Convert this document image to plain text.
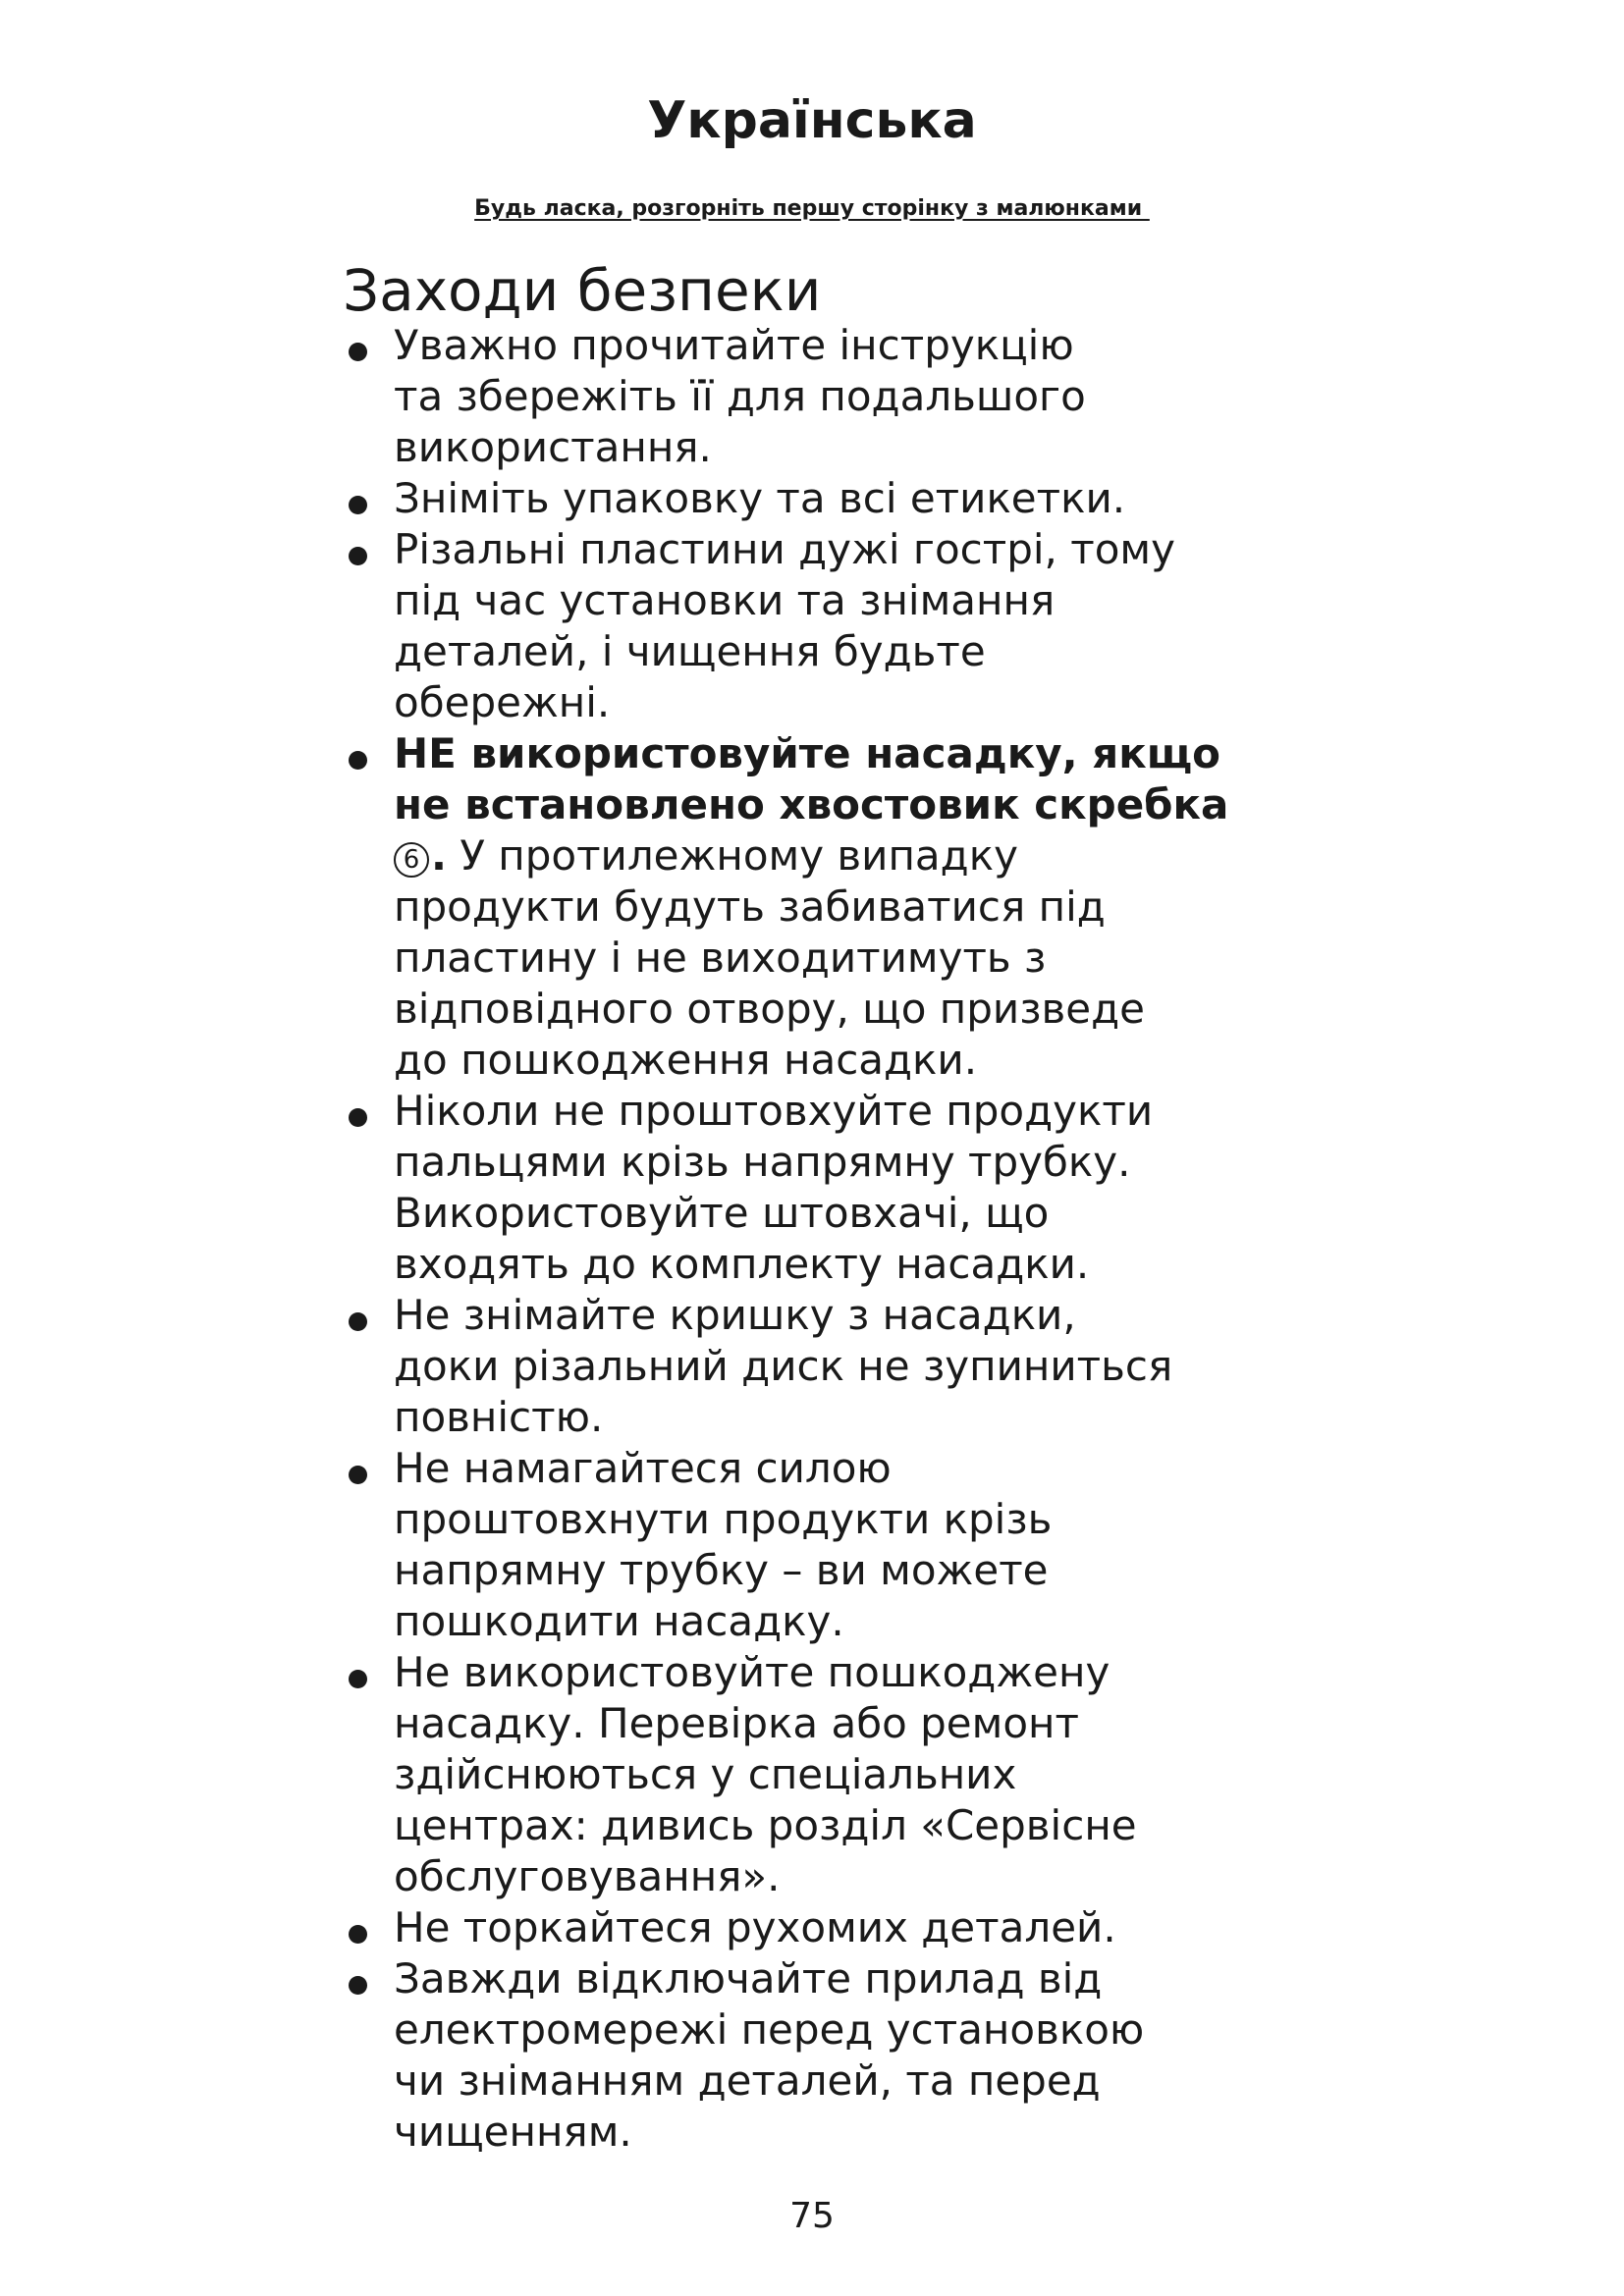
Українська
Будь ласка, розгорніть першу сторінку з малюнками
Заходи безпеки
Уважно прочитайте інструкцію
та збережіть її для подальшого
використання.
Зніміть упаковку та всі етикетки.
Різальні пластини дужі гострі, тому
під час установки та знімання
деталей, і чищення будьте
обережні.
НЕ використовуйте насадку, якщо
не встановлено хвостовик скребка
6 . У протилежному випадку
продукти будуть забиватися під
пластину і не виходитимуть з
відповідного отвору, що призведе
до пошкодження насадки.
Ніколи не проштовхуйте продукти
пальцями крізь напрямну трубку.
Використовуйте штовхачі, що
входять до комплекту насадки.
Не знімайте кришку з насадки,
доки різальний диск не зупиниться
повністю.
Не намагайтеся силою
проштовхнути продукти крізь
напрямну трубку – ви можете
пошкодити насадку.
Не використовуйте пошкоджену
насадку. Перевірка або ремонт
здійснюються у спеціальних
центрах: дивись розділ «Сервісне
обслуговування».
Не торкайтеся рухомих деталей.
Завжди відключайте прилад від
електромережі перед установкою
чи зніманням деталей, та перед
чищенням.
75
